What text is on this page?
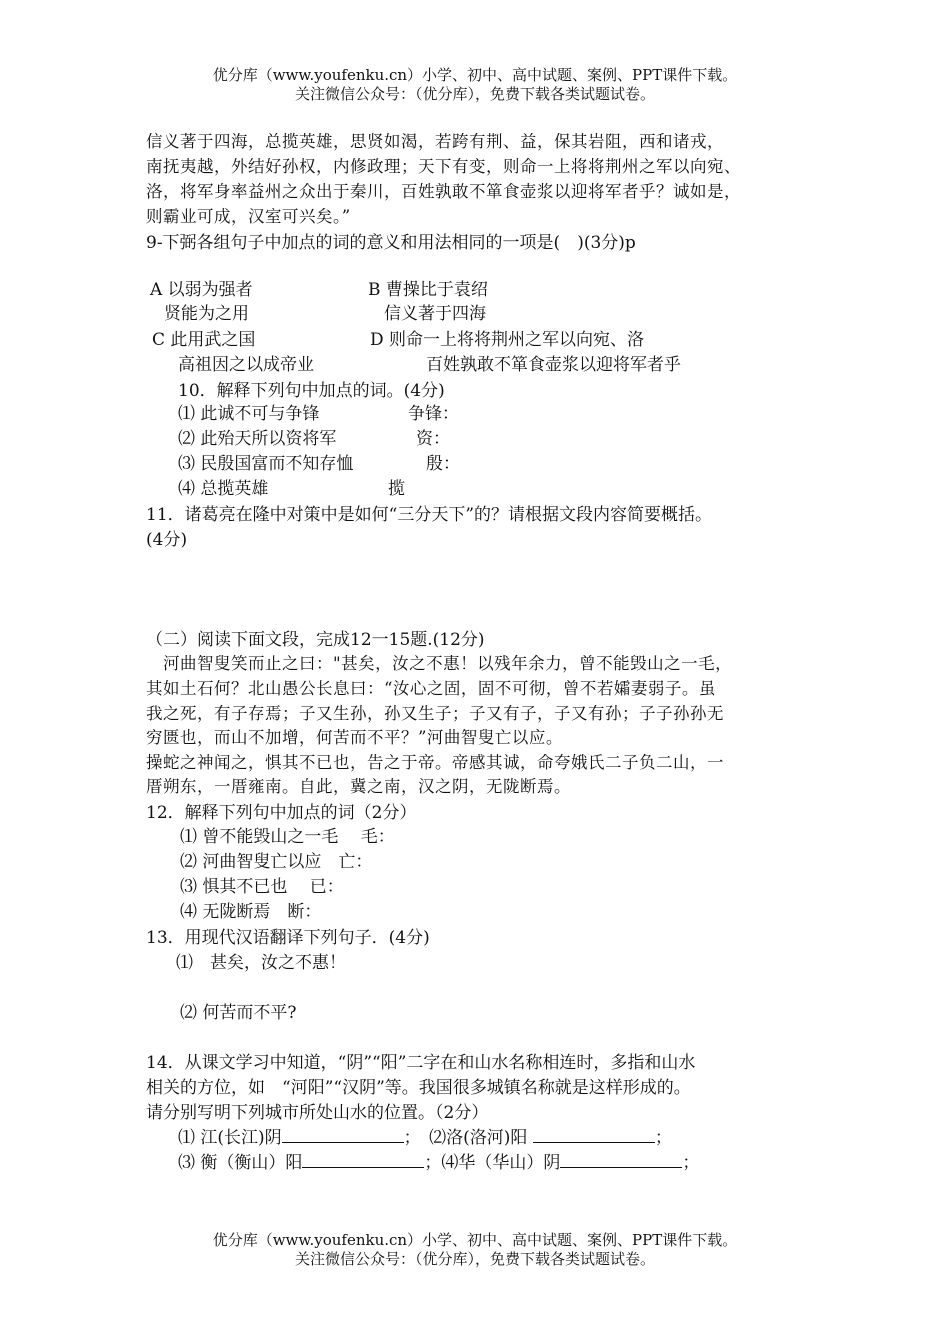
优分库（www.youfenku.cn）小学、初中、高中试题、案例、PPT课件下载。
关注微信公众号：（优分库），免费下载各类试题试卷。
信义著于四海，总揽英雄，思贤如渴，若跨有荆、益，保其岩阻，西和诸戎，
南抚夷越，外结好孙权，内修政理；天下有变，则命一上将将荆州之军以向宛、
洛，将军身率益州之众出于秦川，百姓孰敢不箪食壶浆以迎将军者乎？诚如是，
则霸业可成，汉室可兴矣。”
9-下弼各组句子中加点的词的意义和用法相同的一项是(　)(3分)p
A 以弱为强者
贤能为之用
B 曹操比于袁绍
信义著于四海
C 此用武之国
高祖因之以成帝业
D 则命一上将将荆州之军以向宛、洛
百姓孰敢不箪食壶浆以迎将军者乎
10．解释下列句中加点的词。(4分)
⑴ 此诚不可与争锋	争锋：
⑵ 此殆天所以资将军	资：
⑶ 民殷国富而不知存恤	殷：
⑷ 总揽英雄	揽
11．诸葛亮在隆中对策中是如何“三分天下”的？请根据文段内容简要概括。
(4分)
（二）阅读下面文段，完成12一15题.(12分)
　河曲智叟笑而止之曰："甚矣，汝之不惠！以残年余力，曾不能毁山之一毛，
其如土石何？北山愚公长息曰：“汝心之固，固不可彻，曾不若孀妻弱子。虽
我之死，有子存焉；子又生孙，孙又生子；子又有子，子又有孙；子子孙孙无
穷匮也，而山不加增，何苦而不平？”河曲智叟亡以应。
操蛇之神闻之，惧其不已也，告之于帝。帝感其诚，命夸娥氏二子负二山，一
厝朔东，一厝雍南。自此，冀之南，汉之阴，无陇断焉。
12．解释下列句中加点的词（2分）
⑴ 曾不能毁山之一毛　 毛：
⑵ 河曲智叟亡以应　亡：
⑶ 惧其不已也　 已：
⑷ 无陇断焉　断：
13．用现代汉语翻译下列句子．(4分)
⑴　甚矣，汝之不惠！
⑵ 何苦而不平?
14．从课文学习中知道，“阴”“阳”二字在和山水名称相连时，多指和山水
相关的方位，如　“河阳”“汉阴”等。我国很多城镇名称就是这样形成的。
请分别写明下列城市所处山水的位置。（2分）
⑴ 江(长江)阴	；　⑵洛(洛河)阳	；
⑶ 衡（衡山）阳	；⑷华（华山）阴	；
优分库（www.youfenku.cn）小学、初中、高中试题、案例、PPT课件下载。
关注微信公众号：（优分库），免费下载各类试题试卷。
